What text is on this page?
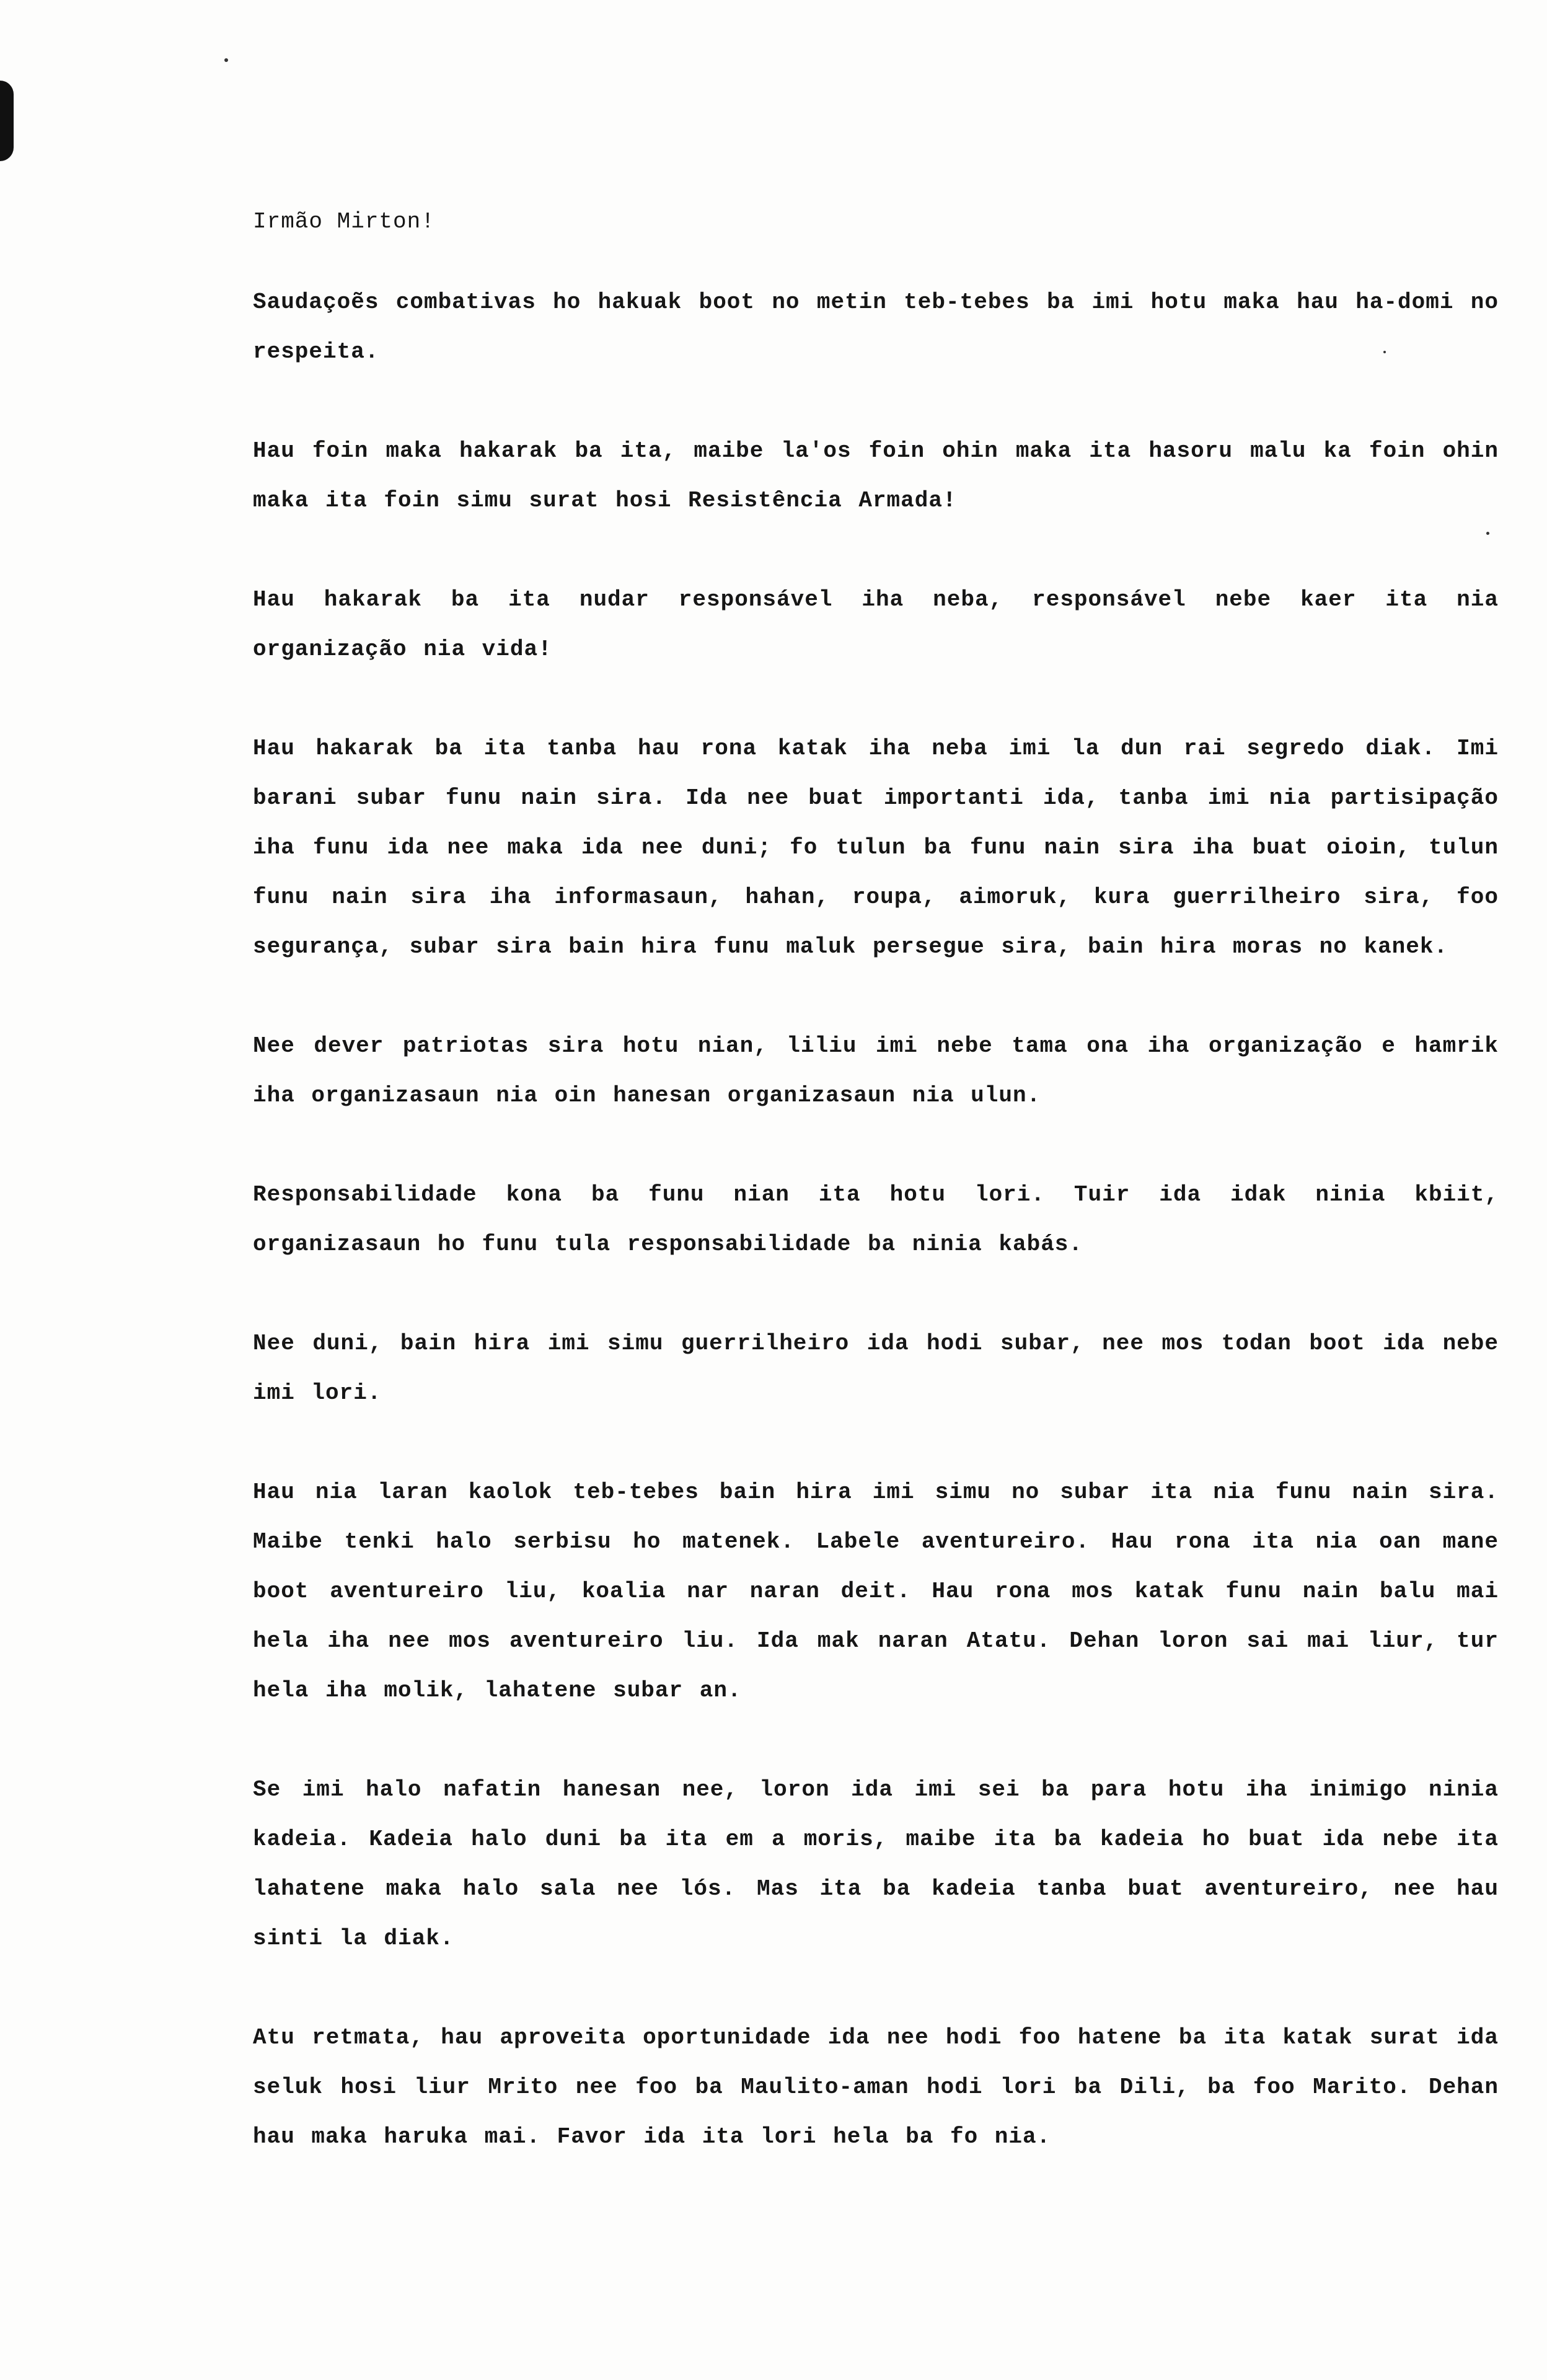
Irmão Mirton!

Saudaçoẽs combativas ho hakuak boot no metin teb-tebes ba imi hotu maka hau ha-domi no respeita.

Hau foin maka hakarak ba ita, maibe la'os foin ohin maka ita hasoru malu ka foin ohin maka ita foin simu surat hosi Resistência Armada!

Hau hakarak ba ita nudar responsável iha neba, responsável nebe kaer ita nia organização nia vida!

Hau hakarak ba ita tanba hau rona katak iha neba imi la dun rai segredo diak. Imi barani subar funu nain sira. Ida nee buat importanti ida, tanba imi nia partisipação iha funu ida nee maka ida nee duni; fo tulun ba funu nain sira iha buat oioin, tulun funu nain sira iha informasaun, hahan, roupa, aimoruk, kura guerrilheiro sira, foo segurança, subar sira bain hira funu maluk persegue sira, bain hira moras no kanek.

Nee dever patriotas sira hotu nian, liliu imi nebe tama ona iha organização e hamrik iha organizasaun nia oin hanesan organizasaun nia ulun.

Responsabilidade kona ba funu nian ita hotu lori. Tuir ida idak ninia kbiit, organizasaun ho funu tula responsabilidade ba ninia kabás.

Nee duni, bain hira imi simu guerrilheiro ida hodi subar, nee mos todan boot ida nebe imi lori.

Hau nia laran kaolok teb-tebes bain hira imi simu no subar ita nia funu nain sira. Maibe tenki halo serbisu ho matenek. Labele aventureiro. Hau rona ita nia oan mane boot aventureiro liu, koalia nar naran deit. Hau rona mos katak funu nain balu mai hela iha nee mos aventureiro liu. Ida mak naran Atatu. Dehan loron sai mai liur, tur hela iha molik, lahatene subar an.

Se imi halo nafatin hanesan nee, loron ida imi sei ba para hotu iha inimigo ninia kadeia. Kadeia halo duni ba ita em a moris, maibe ita ba kadeia ho buat ida nebe ita lahatene maka halo sala nee lós. Mas ita ba kadeia tanba buat aventureiro, nee hau sinti la diak.

Atu retmata, hau aproveita oportunidade ida nee hodi foo hatene ba ita katak surat ida seluk hosi liur Mrito nee foo ba Maulito-aman hodi lori ba Dili, ba foo Marito. Dehan hau maka haruka mai. Favor ida ita lori hela ba fo nia.
